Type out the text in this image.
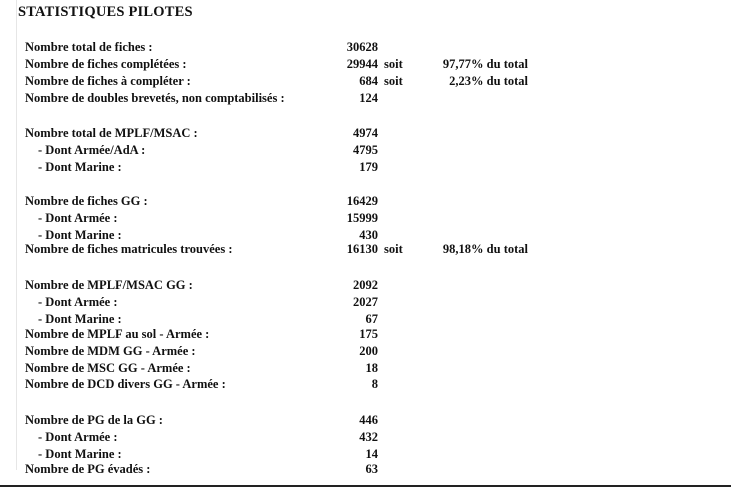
STATISTIQUES PILOTES
Nombre total de fiches :	30628
Nombre de fiches complétées :	29944 soit	97,77% du total
Nombre de fiches à compléter :	684 soit	2,23% du total
Nombre de doubles brevetés, non comptabilisés :	124
Nombre total de MPLF/MSAC :	4974
- Dont Armée/AdA :	4795
- Dont Marine :	179
Nombre de fiches GG :	16429
- Dont Armée :	15999
- Dont Marine :	430
Nombre de fiches matricules trouvées :	16130 soit	98,18% du total
Nombre de MPLF/MSAC GG :	2092
- Dont Armée :	2027
- Dont Marine :	67
Nombre de MPLF au sol - Armée :	175
Nombre de MDM GG - Armée :	200
Nombre de MSC GG - Armée :	18
Nombre de DCD divers GG - Armée :	8
Nombre de PG de la GG :	446
- Dont Armée :	432
- Dont Marine :	14
Nombre de PG évadés :	63
